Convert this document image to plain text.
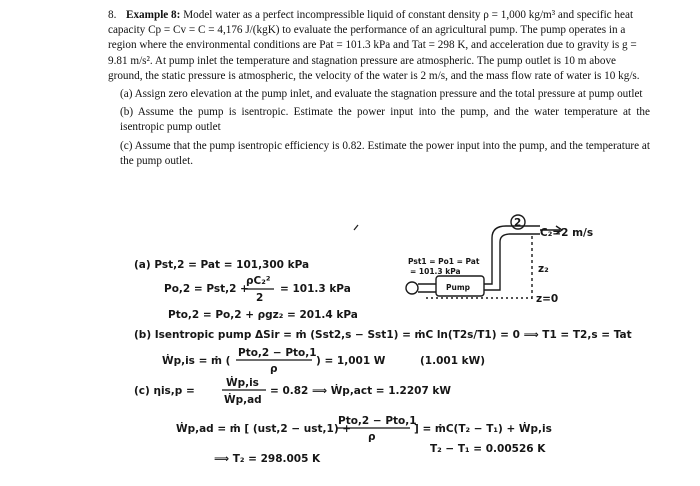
8. Example 8: Model water as a perfect incompressible liquid of constant density ρ = 1,000 kg/m³ and specific heat capacity Cp = Cv = C = 4,176 J/(kgK) to evaluate the performance of an agricultural pump. The pump operates in a region where the environmental conditions are Pat = 101.3 kPa and Tat = 298 K, and acceleration due to gravity is g = 9.81 m/s². At pump inlet the temperature and stagnation pressure are atmospheric. The pump outlet is 10 m above ground, the static pressure is atmospheric, the velocity of the water is 2 m/s, and the mass flow rate of water is 10 kg/s.

(a) Assign zero elevation at the pump inlet, and evaluate the stagnation pressure and the total pressure at pump outlet

(b) Assume the pump is isentropic. Estimate the power input into the pump, and the water temperature at the isentropic pump outlet

(c) Assume that the pump isentropic efficiency is 0.82. Estimate the power input into the pump, and the temperature at the pump outlet.

2
C₂=2 m/s
z₂
z=0
Pst1 = Po1 = Pat
= 101.3 kPa
Pump
(a) Pst,2 = Pat = 101,300 kPa
Po,2 = Pst,2 +
ρC₂²
2
= 101.3 kPa
Pto,2 = Po,2 + ρgz₂ = 201.4 kPa
(b) Isentropic pump ΔSir = ṁ (Sst2,s − Sst1) = ṁC ln(T2s/T1) = 0 ⟹ T1 = T2,s = Tat
Ẇp,is = ṁ (
Pto,2 − Pto,1
ρ
) = 1,001 W	(1.001 kW)
(c) ηis,p =
Ẇp,is
Ẇp,ad
= 0.82 ⟹ Ẇp,act = 1.2207 kW
Ẇp,ad = ṁ [ (ust,2 − ust,1) +
Pto,2 − Pto,1
ρ
] = ṁC(T₂ − T₁) + Ẇp,is
T₂ − T₁ = 0.00526 K
⟹ T₂ = 298.005 K
